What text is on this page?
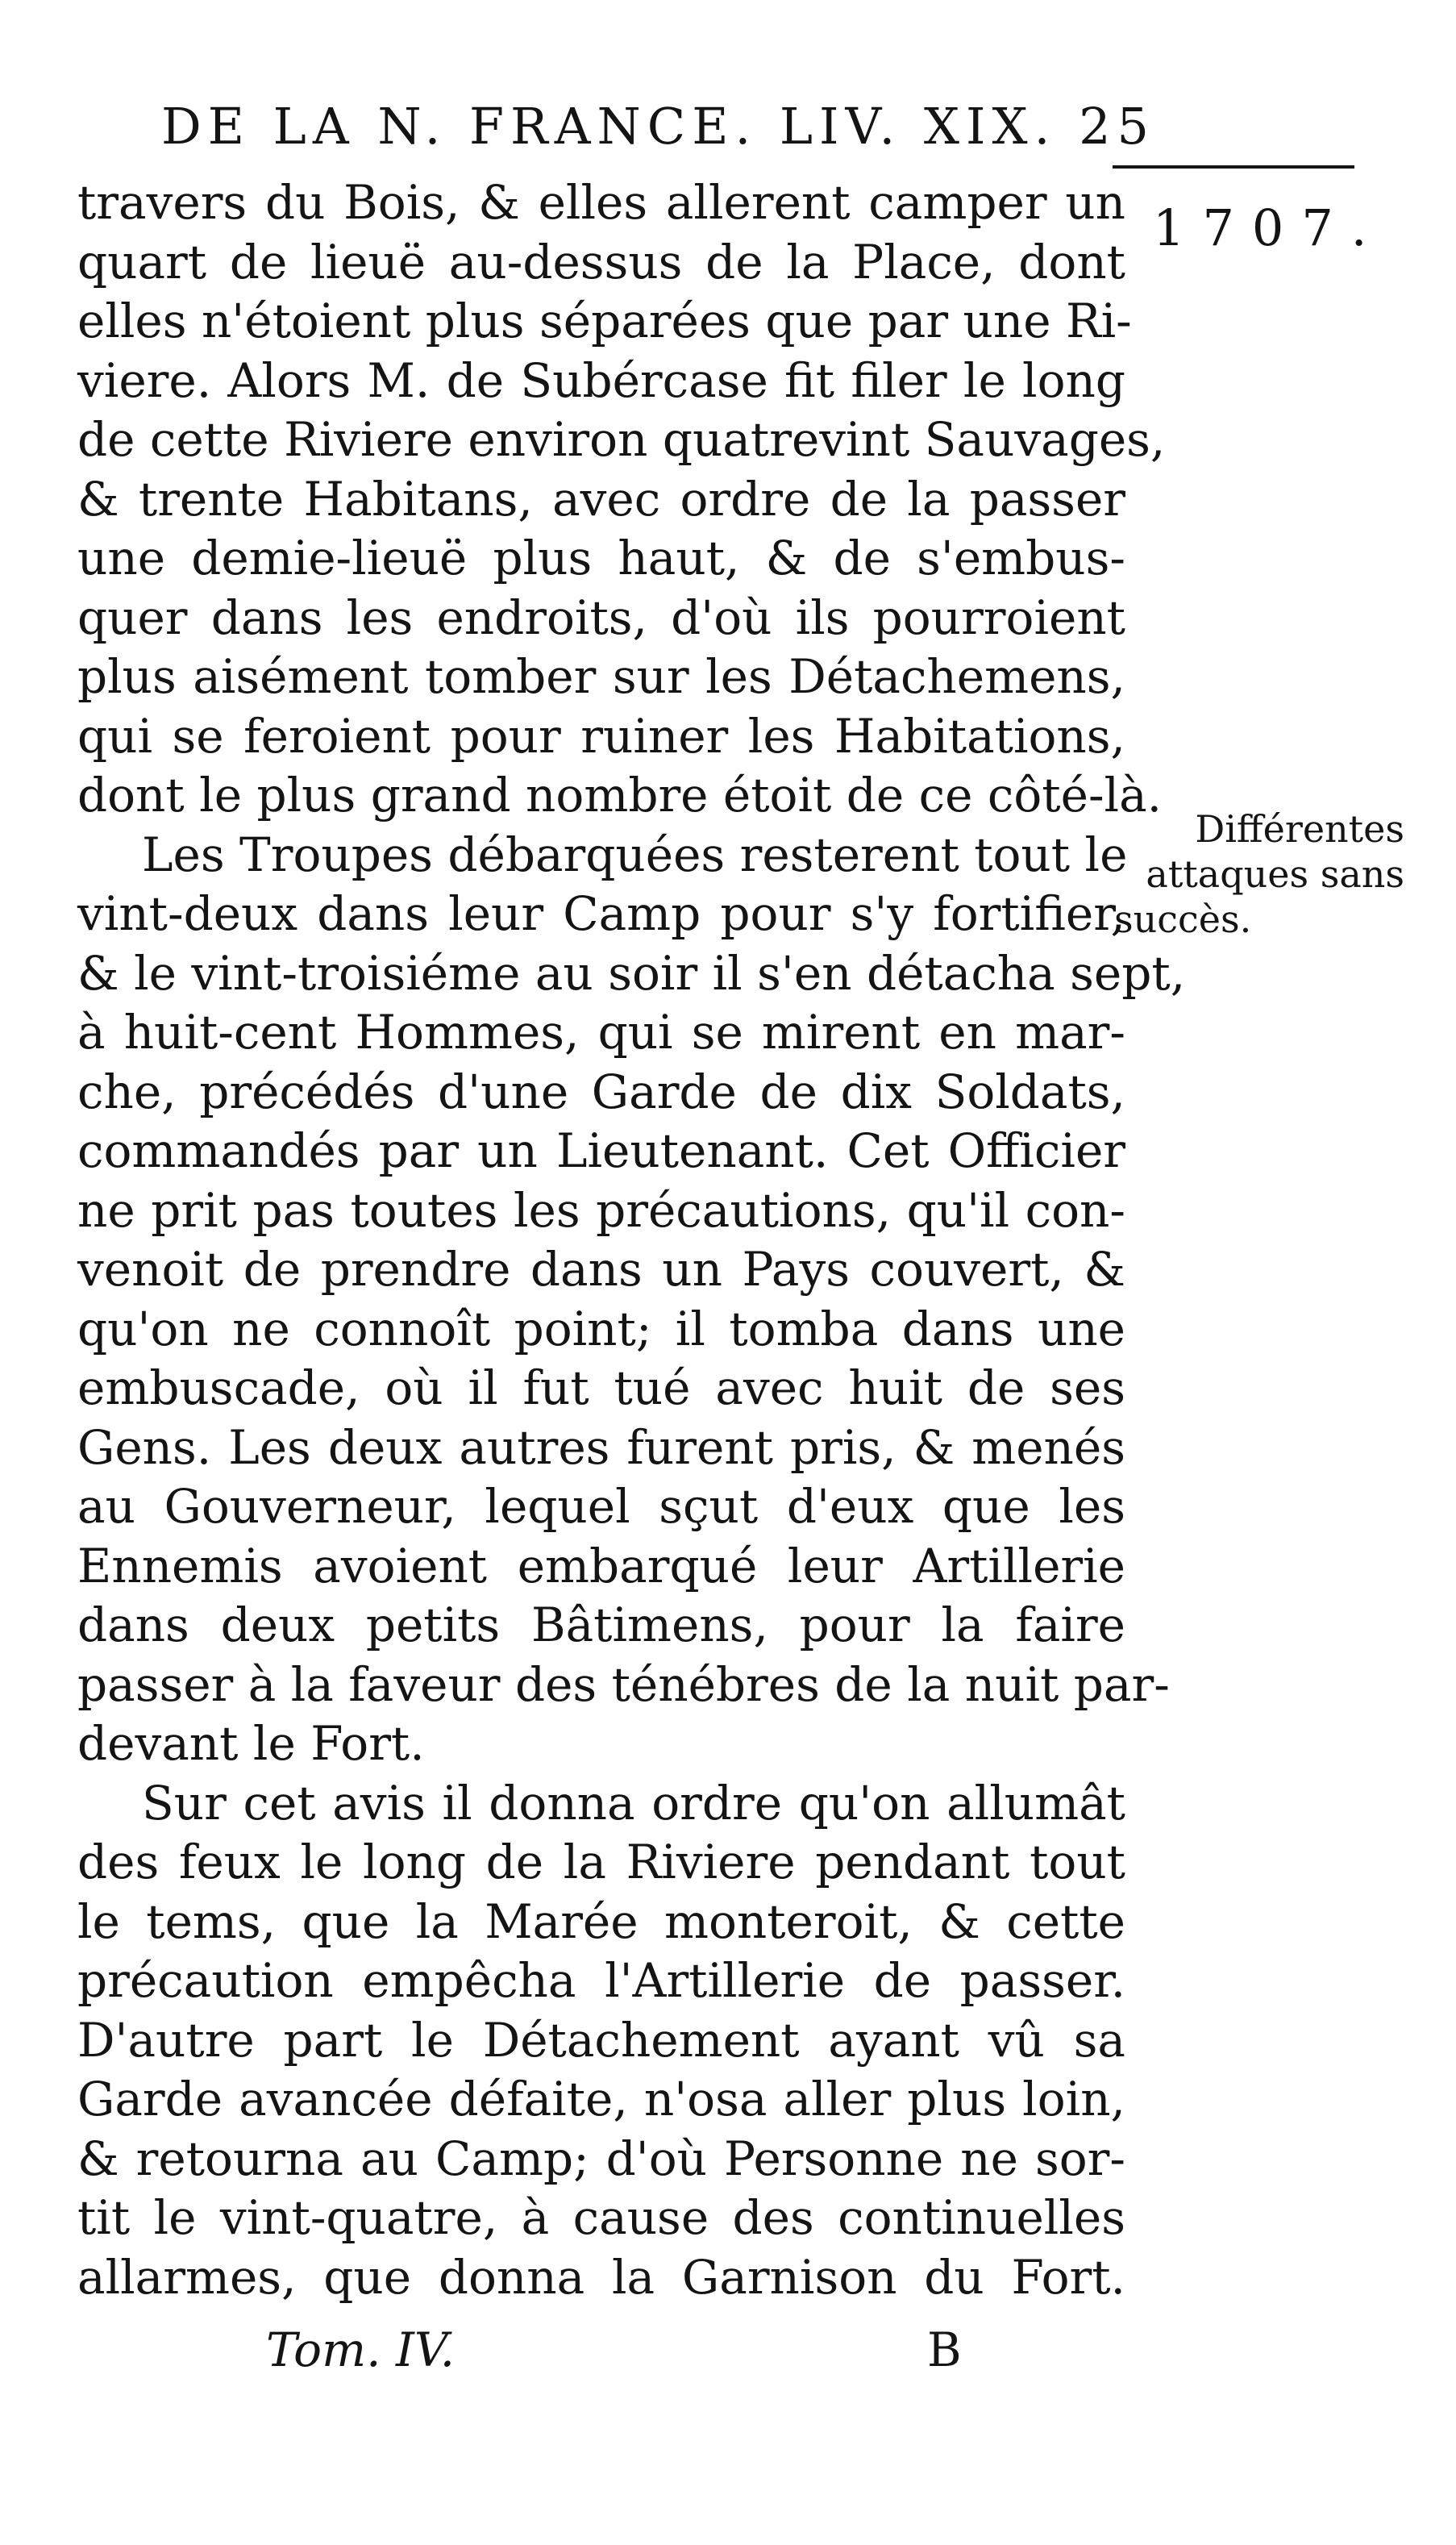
DE LA N. FRANCE. LIV. XIX. 25
1707.
travers du Bois, & elles allerent camper un
quart de lieuë au-dessus de la Place, dont
elles n'étoient plus séparées que par une Ri-
viere. Alors M. de Subércase fit filer le long
de cette Riviere environ quatrevint Sauvages,
& trente Habitans, avec ordre de la passer
une demie-lieuë plus haut, & de s'embus-
quer dans les endroits, d'où ils pourroient
plus aisément tomber sur les Détachemens,
qui se feroient pour ruiner les Habitations,
dont le plus grand nombre étoit de ce côté-là.
Les Troupes débarquées resterent tout le
vint-deux dans leur Camp pour s'y fortifier,
& le vint-troisiéme au soir il s'en détacha sept,
à huit-cent Hommes, qui se mirent en mar-
che, précédés d'une Garde de dix Soldats,
commandés par un Lieutenant. Cet Officier
ne prit pas toutes les précautions, qu'il con-
venoit de prendre dans un Pays couvert, &
qu'on ne connoît point; il tomba dans une
embuscade, où il fut tué avec huit de ses
Gens. Les deux autres furent pris, & menés
au Gouverneur, lequel sçut d'eux que les
Ennemis avoient embarqué leur Artillerie
dans deux petits Bâtimens, pour la faire
passer à la faveur des ténébres de la nuit par-
devant le Fort.
Sur cet avis il donna ordre qu'on allumât
des feux le long de la Riviere pendant tout
le tems, que la Marée monteroit, & cette
précaution empêcha l'Artillerie de passer.
D'autre part le Détachement ayant vû sa
Garde avancée défaite, n'osa aller plus loin,
& retourna au Camp; d'où Personne ne sor-
tit le vint-quatre, à cause des continuelles
allarmes, que donna la Garnison du Fort.
Différentes
attaques sans
succès.
Tom. IV.	B
